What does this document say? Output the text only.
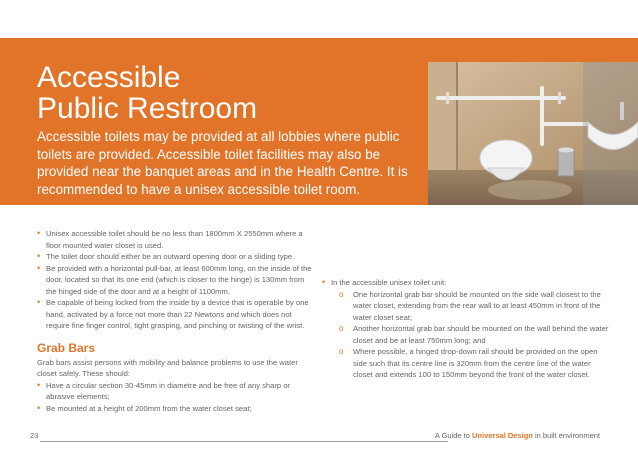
Accessible
Public Restroom

Accessible toilets may be provided at all lobbies where public toilets are provided. Accessible toilet facilities may also be provided near the banquet areas and in the Health Centre. It is recommended to have a unisex accessible toilet room.

• Unisex accessible toilet should be no less than 1800mm X 2550mm where a floor mounted water closet is used.
• The toilet door should either be an outward opening door or a sliding type.
• Be provided with a horizontal pull-bar, at least 600mm long, on the inside of the door, located so that its one end (which is closer to the hinge) is 130mm from the hinged side of the door and at a height of 1100mm.
• Be capable of being locked from the inside by a device that is operable by one hand, activated by a force not more than 22 Newtons and which does not require fine finger control, tight grasping, and pinching or twisting of the wrist.
Grab Bars

Grab bars assist persons with mobility and balance problems to use the water closet safely. These should:

• Have a circular section 30-45mm in diametre and be free of any sharp or abrasive elements;
• Be mounted at a height of 200mm from the water closet seat;
• In the accessible unisex toilet unit:
o One horizontal grab bar should be mounted on the side wall closest to the water closet, extending from the rear wall to at least 450mm in front of the water closet seat;
o Another horizontal grab bar should be mounted on the wall behind the water closet and be at least 750mm long; and
o Where possible, a hinged drop-down rail should be provided on the open side such that its centre line is 320mm from the centre line of the water closet and extends 100 to 150mm beyond the front of the water closet.
23	A Guide to Universal Design in built environment
